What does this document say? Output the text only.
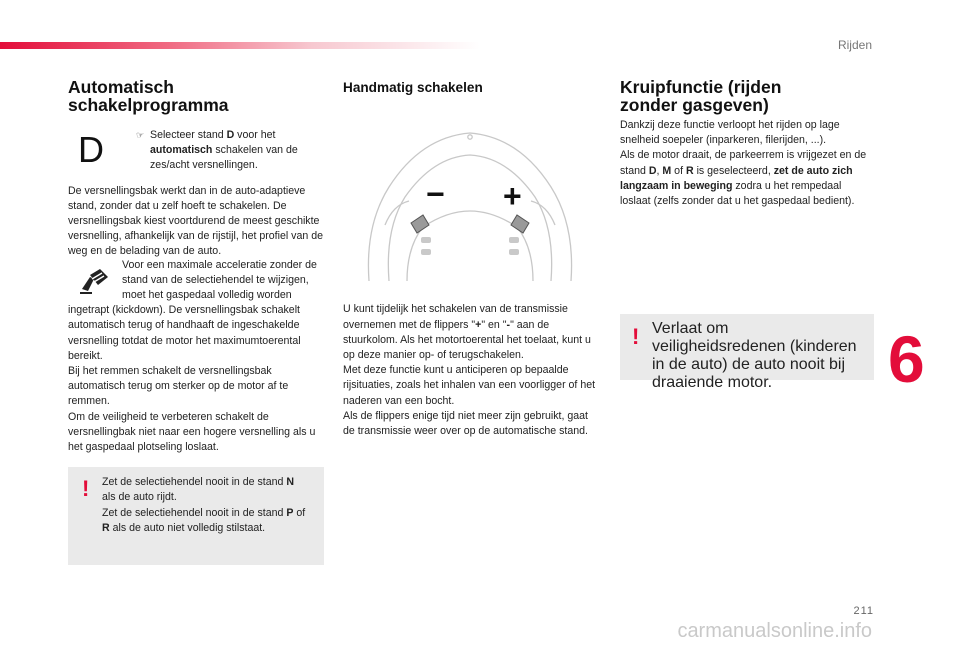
Rijden
Automatisch
schakelprogramma
D	☞ Selecteer stand D voor het automatisch schakelen van de zes/acht versnellingen.

De versnellingsbak werkt dan in de auto-adaptieve stand, zonder dat u zelf hoeft te schakelen. De versnellingsbak kiest voortdurend de meest geschikte versnelling, afhankelijk van de rijstijl, het profiel van de weg en de belading van de auto.

Voor een maximale acceleratie zonder de stand van de selectiehendel te wijzigen, moet het gaspedaal volledig worden

ingetrapt (kickdown). De versnellingsbak schakelt automatisch terug of handhaaft de ingeschakelde versnelling totdat de motor het maximumtoerental bereikt.

Bij het remmen schakelt de versnellingsbak automatisch terug om sterker op de motor af te remmen.

Om de veiligheid te verbeteren schakelt de versnellingbak niet naar een hogere versnelling als u het gaspedaal plotseling loslaat.

! Zet de selectiehendel nooit in de stand N als de auto rijdt.

Zet de selectiehendel nooit in de stand P of R als de auto niet volledig stilstaat.

Handmatig schakelen
− +

U kunt tijdelijk het schakelen van de transmissie overnemen met de flippers "+" en "-" aan de stuurkolom. Als het motortoerental het toelaat, kunt u op deze manier op- of terugschakelen.

Met deze functie kunt u anticiperen op bepaalde rijsituaties, zoals het inhalen van een voorligger of het naderen van een bocht.

Als de flippers enige tijd niet meer zijn gebruikt, gaat de transmissie weer over op de automatische stand.

Kruipfunctie (rijden
zonder gasgeven)

Dankzij deze functie verloopt het rijden op lage snelheid soepeler (inparkeren, filerijden, ...).

Als de motor draait, de parkeerrem is vrijgezet en de stand D, M of R is geselecteerd, zet de auto zich langzaam in beweging zodra u het rempedaal loslaat (zelfs zonder dat u het gaspedaal bedient).

! Verlaat om veiligheidsredenen (kinderen in de auto) de auto nooit bij draaiende motor.	6
211
carmanualsonline.info
